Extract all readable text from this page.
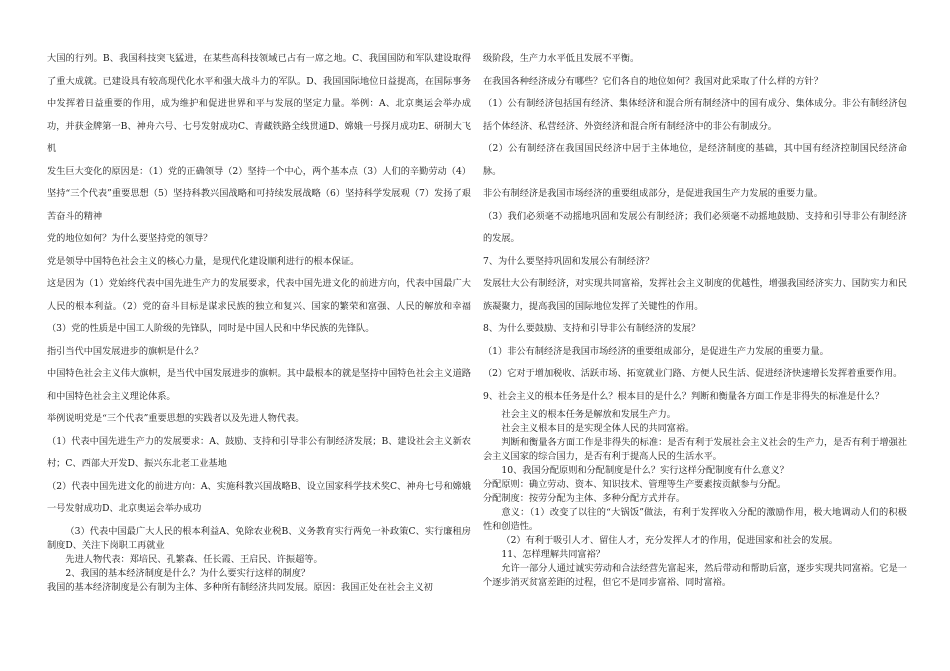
大国的行列。B、我国科技突飞猛进，在某些高科技领域已占有一席之地。C、我国国防和军队建设取得了重大成就。已建设具有较高现代化水平和强大战斗力的军队。D、我国国际地位日益提高，在国际事务中发挥着日益重要的作用，成为维护和促进世界和平与发展的坚定力量。举例：A、北京奥运会举办成功，并获金牌第一B、神舟六号、七号发射成功C、青藏铁路全线贯通D、嫦娥一号探月成功E、研制大飞机

发生巨大变化的原因是：（1）党的正确领导（2）坚持一个中心，两个基本点（3）人们的辛勤劳动（4）坚持“三个代表”重要思想（5）坚持科教兴国战略和可持续发展战略（6）坚持科学发展观（7）发扬了艰苦奋斗的精神

党的地位如何？为什么要坚持党的领导？

党是领导中国特色社会主义的核心力量，是现代化建设顺利进行的根本保证。

这是因为（1）党始终代表中国先进生产力的发展要求，代表中国先进文化的前进方向，代表中国最广大人民的根本利益。（2）党的奋斗目标是谋求民族的独立和复兴、国家的繁荣和富强、人民的解放和幸福（3）党的性质是中国工人阶级的先锋队，同时是中国人民和中华民族的先锋队。

指引当代中国发展进步的旗帜是什么？

中国特色社会主义伟大旗帜，是当代中国发展进步的旗帜。其中最根本的就是坚持中国特色社会主义道路和中国特色社会主义理论体系。

举例说明党是“三个代表”重要思想的实践者以及先进人物代表。

（1）代表中国先进生产力的发展要求：A、鼓励、支持和引导非公有制经济发展；B、建设社会主义新农村；C、西部大开发D、振兴东北老工业基地

（2）代表中国先进文化的前进方向：A、实施科教兴国战略B、设立国家科学技术奖C、神舟七号和嫦娥一号发射成功D、北京奥运会举办成功

（3）代表中国最广大人民的根本利益A、免除农业税B、义务教育实行两免一补政策C、实行廉租房制度D、关注下岗职工再就业

先进人物代表：郑培民、孔繁森、任长霞、王启民、许振超等。

2、我国的基本经济制度是什么？为什么要实行这样的制度？

我国的基本经济制度是公有制为主体、多种所有制经济共同发展。原因：我国正处在社会主义初

级阶段，生产力水平低且发展不平衡。

在我国各种经济成分有哪些？它们各自的地位如何？我国对此采取了什么样的方针？

（1）公有制经济包括国有经济、集体经济和混合所有制经济中的国有成分、集体成分。非公有制经济包括个体经济、私营经济、外资经济和混合所有制经济中的非公有制成分。

（2）公有制经济在我国国民经济中居于主体地位，是经济制度的基础，其中国有经济控制国民经济命脉。

非公有制经济是我国市场经济的重要组成部分，是促进我国生产力发展的重要力量。

（3）我们必须毫不动摇地巩固和发展公有制经济；我们必须毫不动摇地鼓励、支持和引导非公有制经济的发展。

7、为什么要坚持巩固和发展公有制经济？

发展壮大公有制经济，对实现共同富裕，发挥社会主义制度的优越性，增强我国经济实力、国防实力和民族凝聚力，提高我国的国际地位发挥了关键性的作用。

8、为什么要鼓励、支持和引导非公有制经济的发展？

（1）非公有制经济是我国市场经济的重要组成部分，是促进生产力发展的重要力量。

（2）它对于增加税收、活跃市场、拓宽就业门路、方便人民生活、促进经济快速增长发挥着重要作用。

9、社会主义的根本任务是什么？根本目的是什么？判断和衡量各方面工作是非得失的标准是什么？

社会主义的根本任务是解放和发展生产力。

社会主义根本目的是实现全体人民的共同富裕。

判断和衡量各方面工作是非得失的标准：是否有利于发展社会主义社会的生产力，是否有利于增强社会主义国家的综合国力，是否有利于提高人民的生活水平。

10、我国分配原则和分配制度是什么？实行这样分配制度有什么意义？

分配原则：确立劳动、资本、知识技术、管理等生产要素按贡献参与分配。

分配制度：按劳分配为主体、多种分配方式并存。

意义：（1）改变了以往的“大锅饭”做法，有利于发挥收入分配的激励作用，极大地调动人们的积极性和创造性。

（2）有利于吸引人才、留住人才，充分发挥人才的作用，促进国家和社会的发展。

11、怎样理解共同富裕？

允许一部分人通过诚实劳动和合法经营先富起来，然后带动和帮助后富，逐步实现共同富裕。它是一个逐步消灭贫富差距的过程，但它不是同步富裕、同时富裕。
